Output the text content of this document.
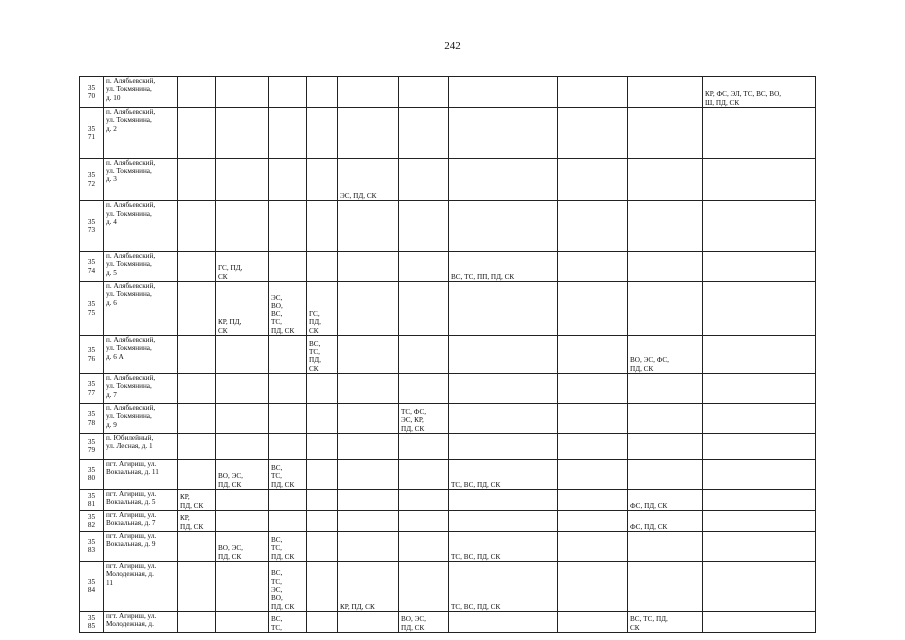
242
35
70	п. Алябьевский,
ул. Токмянина,
д. 10										КР, ФС, ЭЛ, ТС, ВС, ВО,
Ш, ПД, СК	
35
71	п. Алябьевский,
ул. Токмянина,
д. 2											
35
72	п. Алябьевский,
ул. Токмянина,
д. 3					ЭС, ПД, СК						
35
73	п. Алябьевский,
ул. Токмянина,
д. 4											
35
74	п. Алябьевский,
ул. Токмянина,
д. 5		ГС, ПД,
СК					ВС, ТС, ПП, ПД, СК				
35
75	п. Алябьевский,
ул. Токмянина,
д. 6		КР, ПД,
СК	ЭС,
ВО,
ВС,
ТС,
ПД, СК	ГС,
ПД,
СК							
35
76	п. Алябьевский,
ул. Токмянина,
д. 6 А				ВС,
ТС,
ПД,
СК					ВО, ЭС, ФС,
ПД, СК		
35
77	п. Алябьевский,
ул. Токмянина,
д. 7											
35
78	п. Алябьевский,
ул. Токмянина,
д. 9						ТС, ФС,
ЭС, КР,
ПД, СК					
35
79	п. Юбилейный,
ул. Лесная, д. 1											
35
80	пгт. Агириш, ул.
Вокзальная, д. 11		ВО, ЭС,
ПД, СК	ВС,
ТС,
ПД, СК				ТС, ВС, ПД, СК				
35
81	пгт. Агириш, ул.
Вокзальная, д. 5	КР,
ПД, СК								ФС, ПД, СК		
35
82	пгт. Агириш, ул.
Вокзальная, д. 7	КР,
ПД, СК								ФС, ПД, СК		
35
83	пгт. Агириш, ул.
Вокзальная, д. 9		ВО, ЭС,
ПД, СК	ВС,
ТС,
ПД, СК				ТС, ВС, ПД, СК				
35
84	пгт. Агириш, ул.
Молодежная, д.
11			ВС,
ТС,
ЭС,
ВО,
ПД, СК		КР, ПД, СК		ТС, ВС, ПД, СК				
35
85	пгт. Агириш, ул.
Молодежная, д.			ВС,
ТС,			ВО, ЭС,
ПД, СК			ВС, ТС, ПД,
СК		
